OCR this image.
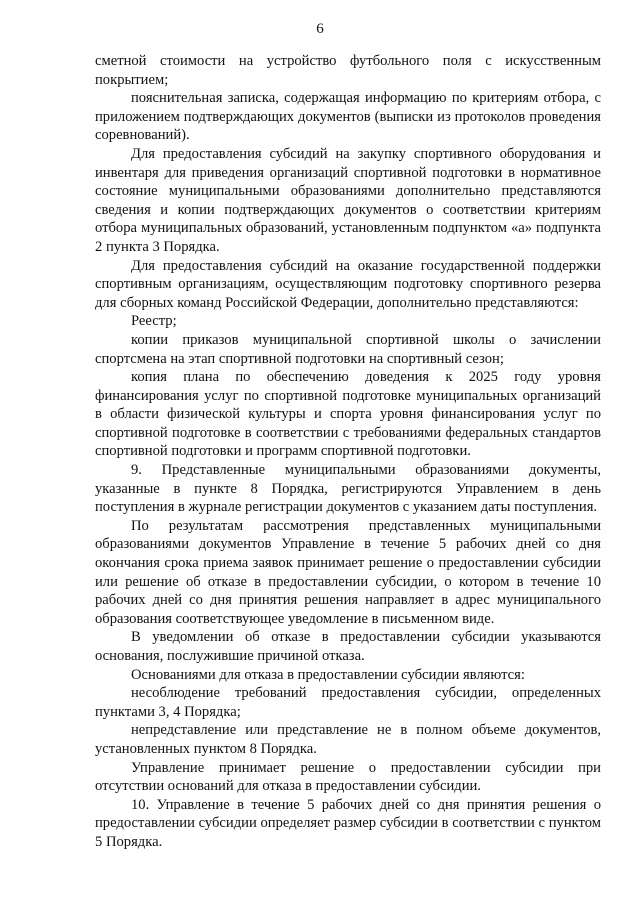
6

сметной стоимости на устройство футбольного поля с искусственным покрытием;

пояснительная записка, содержащая информацию по критериям отбора, с приложением подтверждающих документов (выписки из протоколов проведения соревнований).

Для предоставления субсидий на закупку спортивного оборудования и инвентаря для приведения организаций спортивной подготовки в нормативное состояние муниципальными образованиями дополнительно представляются сведения и копии подтверждающих документов о соответствии критериям отбора муниципальных образований, установленным подпунктом «а» подпункта 2 пункта 3 Порядка.

Для предоставления субсидий на оказание государственной поддержки спортивным организациям, осуществляющим подготовку спортивного резерва для сборных команд Российской Федерации, дополнительно представляются:

Реестр;

копии приказов муниципальной спортивной школы о зачислении спортсмена на этап спортивной подготовки на спортивный сезон;

копия плана по обеспечению доведения к 2025 году уровня финансирования услуг по спортивной подготовке муниципальных организаций в области физической культуры и спорта уровня финансирования услуг по спортивной подготовке в соответствии с требованиями федеральных стандартов спортивной подготовки и программ спортивной подготовки.

9. Представленные муниципальными образованиями документы, указанные в пункте 8 Порядка, регистрируются Управлением в день поступления в журнале регистрации документов с указанием даты поступления.

По результатам рассмотрения представленных муниципальными образованиями документов Управление в течение 5 рабочих дней со дня окончания срока приема заявок принимает решение о предоставлении субсидии или решение об отказе в предоставлении субсидии, о котором в течение 10 рабочих дней со дня принятия решения направляет в адрес муниципального образования соответствующее уведомление в письменном виде.

В уведомлении об отказе в предоставлении субсидии указываются основания, послужившие причиной отказа.

Основаниями для отказа в предоставлении субсидии являются:

несоблюдение требований предоставления субсидии, определенных пунктами 3, 4 Порядка;

непредставление или представление не в полном объеме документов, установленных пунктом 8 Порядка.

Управление принимает решение о предоставлении субсидии при отсутствии оснований для отказа в предоставлении субсидии.

10. Управление в течение 5 рабочих дней со дня принятия решения о предоставлении субсидии определяет размер субсидии в соответствии с пунктом 5 Порядка.
